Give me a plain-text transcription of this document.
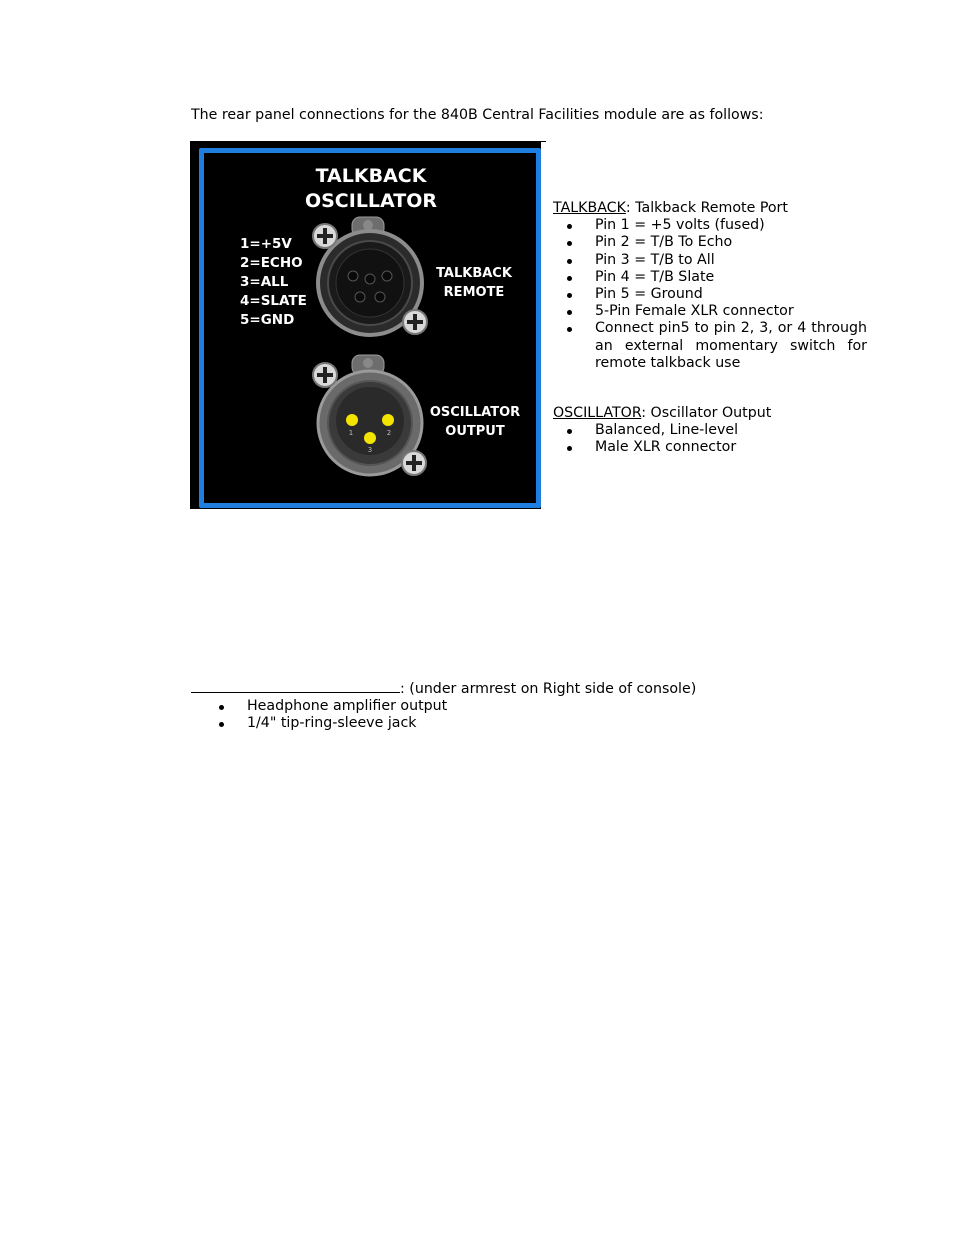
The rear panel connections for the 840B Central Facilities module are as follows:
TALKBACK
OSCILLATOR
1=+5V
2=ECHO
3=ALL
4=SLATE
5=GND
TALKBACK
REMOTE
OSCILLATOR
OUTPUT
1	2
3
TALKBACK: Talkback Remote Port
Pin 1 = +5 volts (fused)
Pin 2 = T/B To Echo
Pin 3 = T/B to All
Pin 4 = T/B Slate
Pin 5 = Ground
5-Pin Female XLR connector
Connect pin5 to pin 2, 3, or 4 through an external momentary switch for remote talkback use
OSCILLATOR: Oscillator Output
Balanced, Line-level
Male XLR connector
: (under armrest on Right side of console)
Headphone amplifier output
1/4" tip-ring-sleeve jack
